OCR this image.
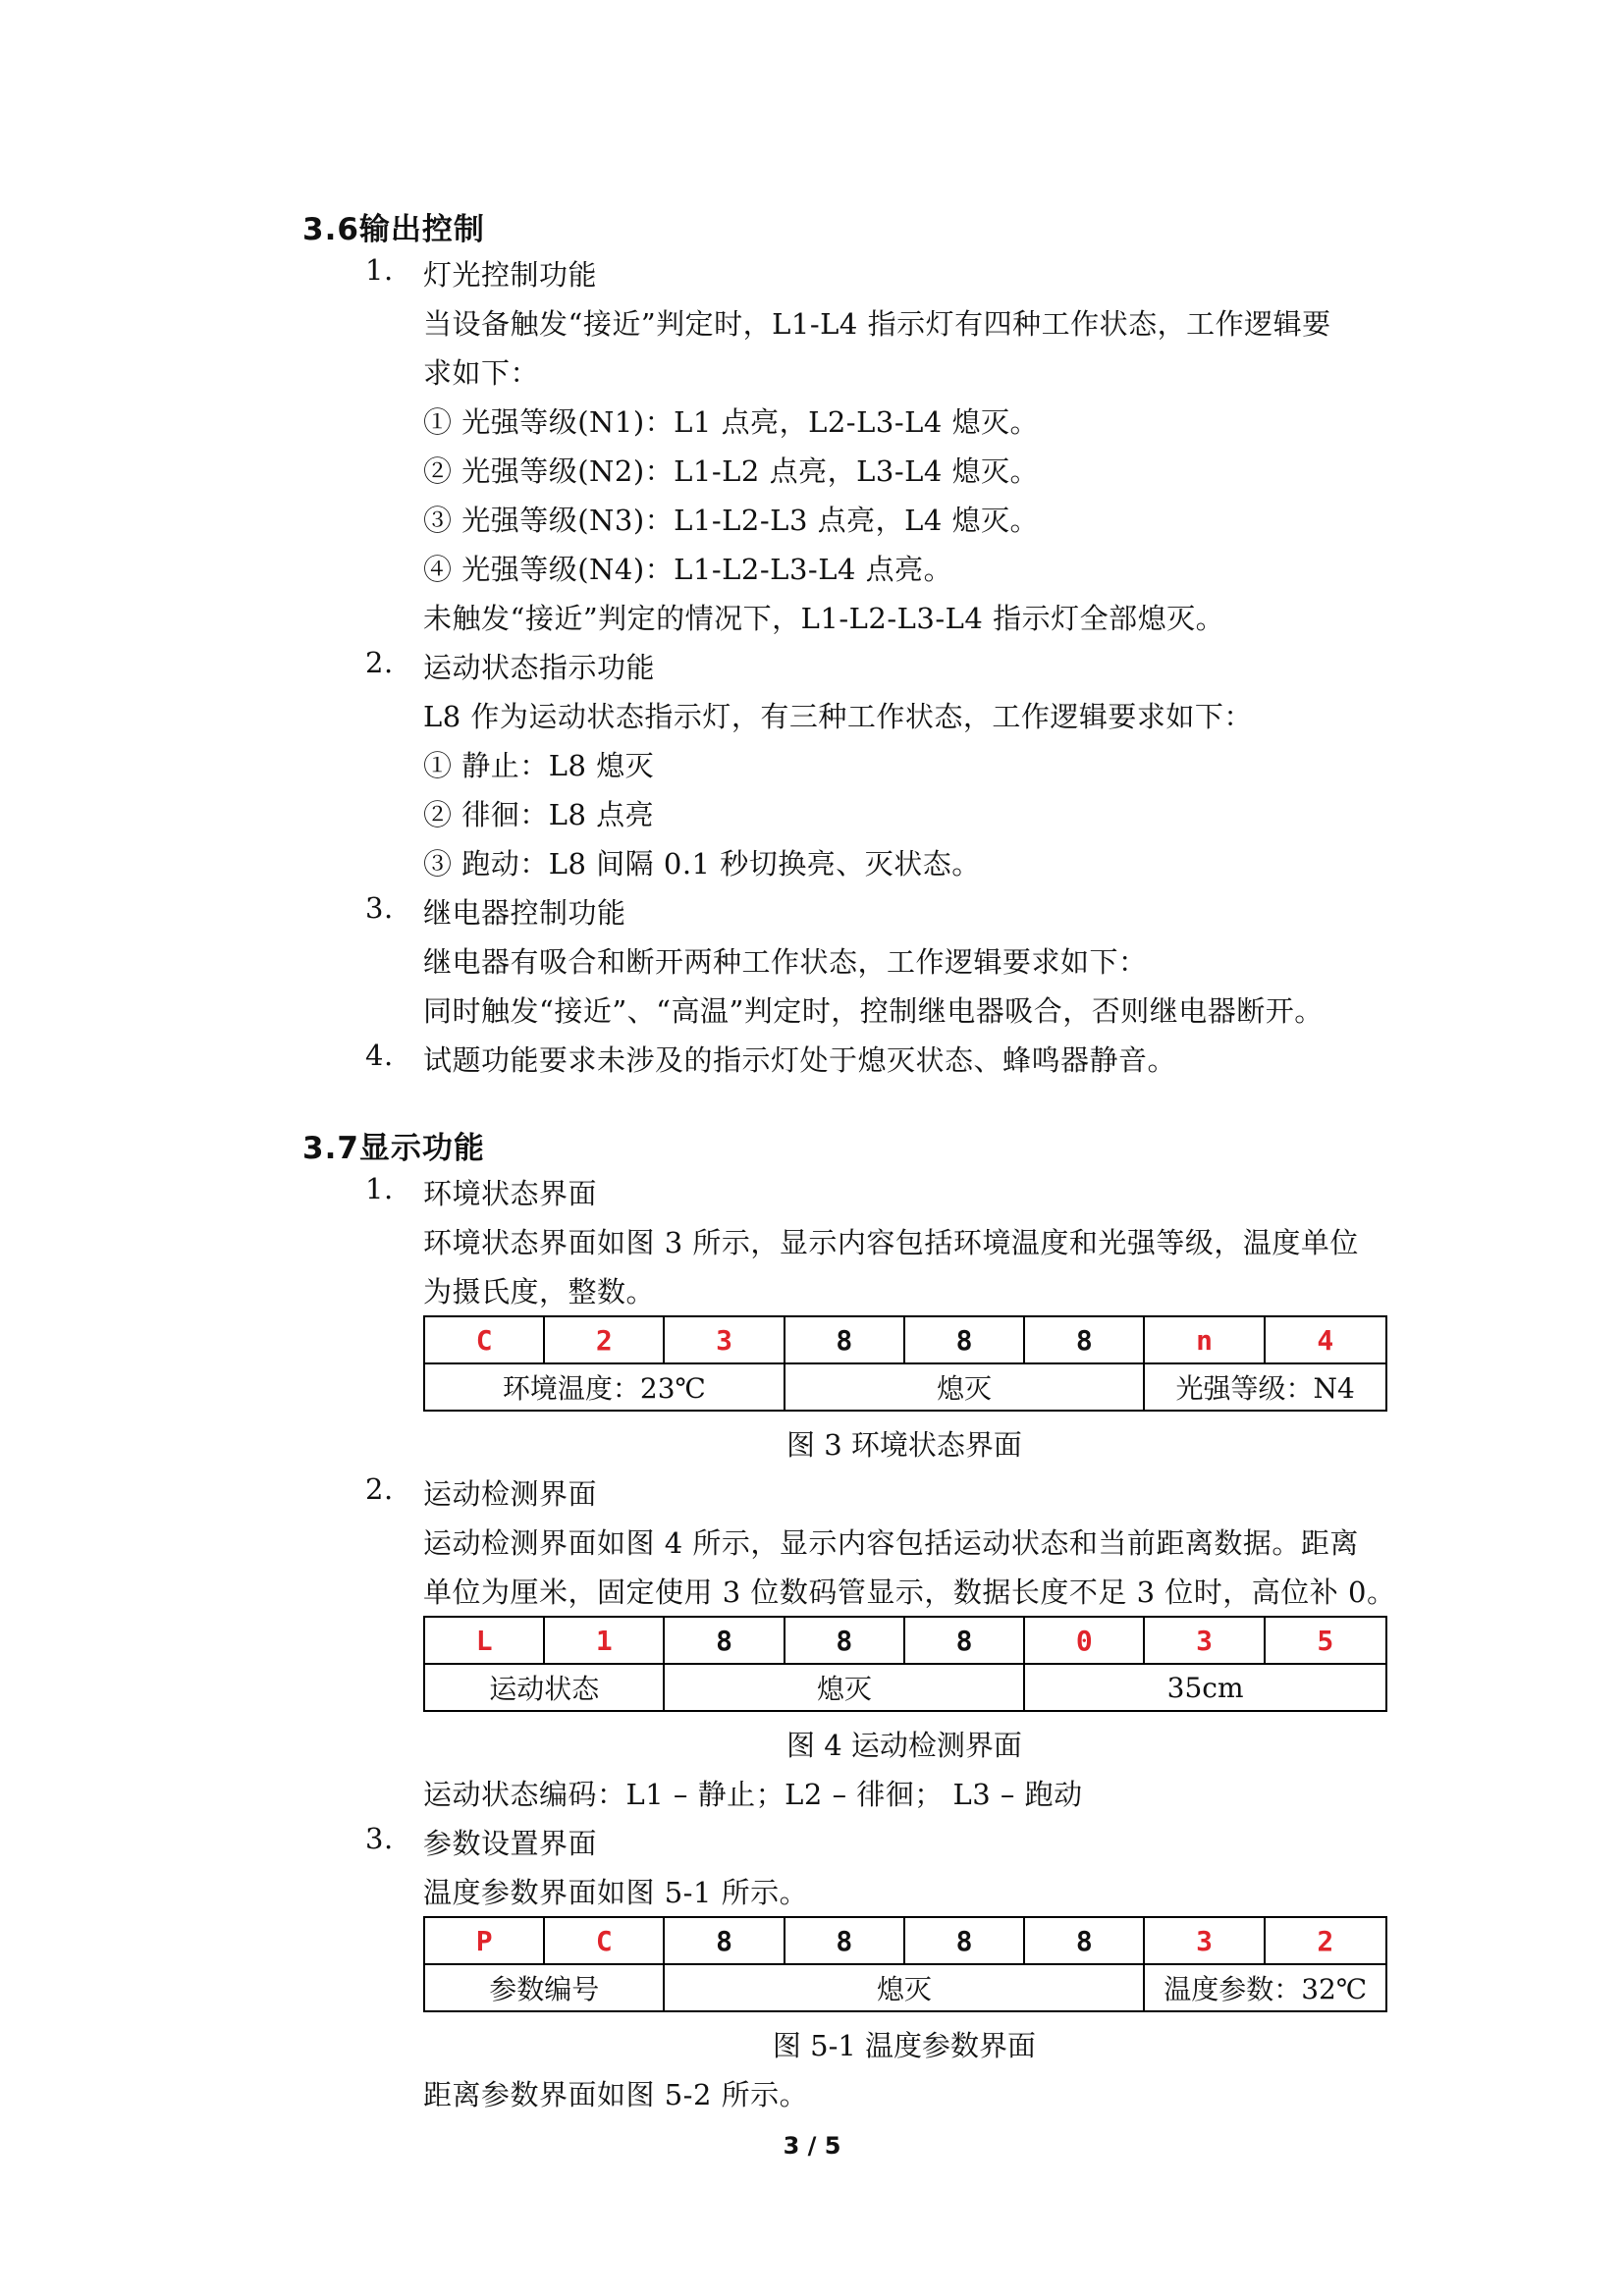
3.6输出控制
1. 灯光控制功能
当设备触发“接近”判定时，L1-L4 指示灯有四种工作状态，工作逻辑要
求如下：
① 光强等级(N1)：L1 点亮，L2-L3-L4 熄灭。
② 光强等级(N2)：L1-L2 点亮，L3-L4 熄灭。
③ 光强等级(N3)：L1-L2-L3 点亮，L4 熄灭。
④ 光强等级(N4)：L1-L2-L3-L4 点亮。
未触发“接近”判定的情况下，L1-L2-L3-L4 指示灯全部熄灭。
2. 运动状态指示功能
L8 作为运动状态指示灯，有三种工作状态，工作逻辑要求如下：
① 静止：L8 熄灭
② 徘徊：L8 点亮
③ 跑动：L8 间隔 0.1 秒切换亮、灭状态。
3. 继电器控制功能
继电器有吸合和断开两种工作状态，工作逻辑要求如下：
同时触发“接近”、“高温”判定时，控制继电器吸合，否则继电器断开。
4. 试题功能要求未涉及的指示灯处于熄灭状态、蜂鸣器静音。
3.7显示功能
1. 环境状态界面
环境状态界面如图 3 所示，显示内容包括环境温度和光强等级，温度单位
为摄氏度，整数。
C	2	3	8	8	8	n	4
环境温度：23℃			熄灭			光强等级：N4	
图 3 环境状态界面
2. 运动检测界面
运动检测界面如图 4 所示，显示内容包括运动状态和当前距离数据。距离
单位为厘米，固定使用 3 位数码管显示，数据长度不足 3 位时，高位补 0。
L	1	8	8	8	0	3	5
运动状态		熄灭			35cm		
图 4 运动检测界面
运动状态编码：L1 – 静止；L2 – 徘徊； L3 – 跑动
3. 参数设置界面
温度参数界面如图 5-1 所示。
P	C	8	8	8	8	3	2
参数编号		熄灭				温度参数：32℃	
图 5-1 温度参数界面
距离参数界面如图 5-2 所示。
3 / 5
